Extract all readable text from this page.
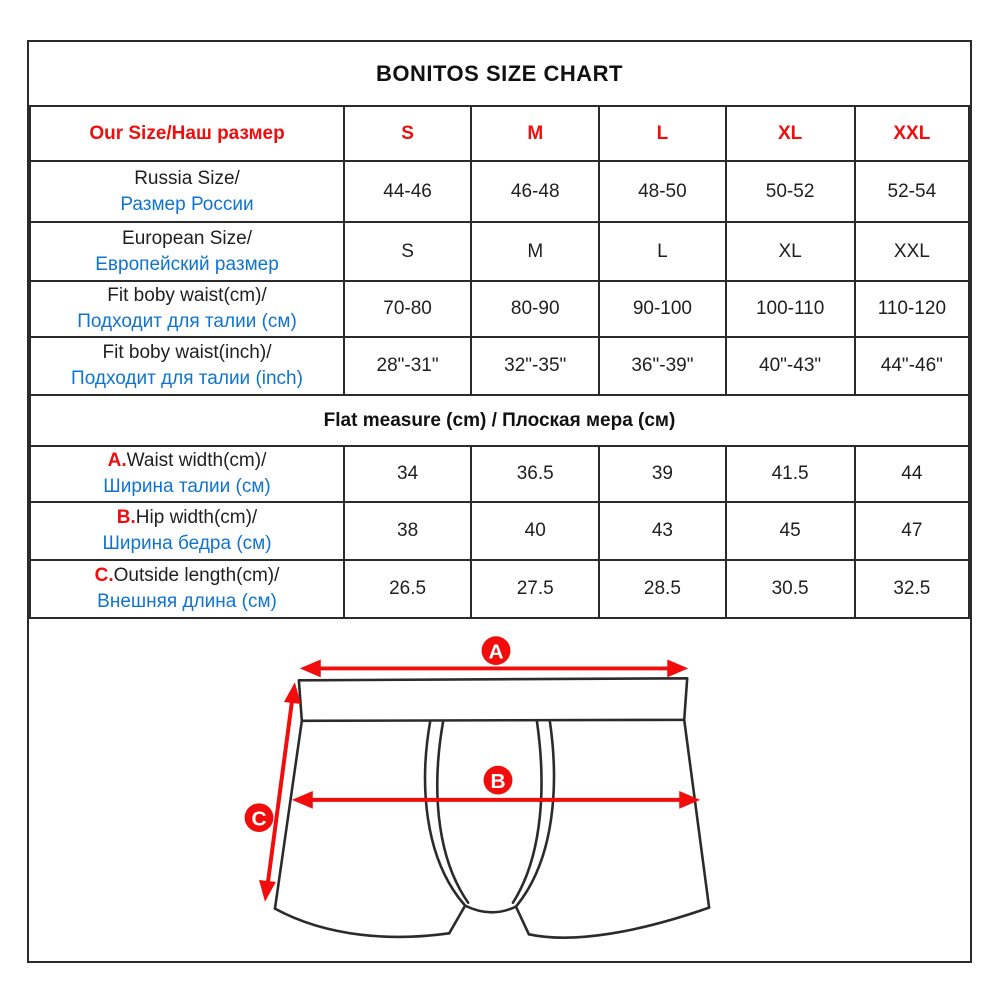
BONITOS SIZE CHART
Our Size/Наш размер	S	M	L	XL	XXL

Russia Size/
Размер России	44-46	46-48	48-50	50-52	52-54

European Size/
Европейский размер	S	M	L	XL	XXL

Fit boby waist(cm)/
Подходит для талии (см)	70-80	80-90	90-100	100-110	110-120

Fit boby waist(inch)/
Подходит для талии (inch)	28"-31"	32"-35"	36"-39"	40"-43"	44"-46"
Flat measure (cm) / Плоская мера (см)					

A.Waist width(cm)/
Ширина талии (см)	34	36.5	39	41.5	44

B.Hip width(cm)/
Ширина бедра (см)	38	40	43	45	47

C.Outside length(cm)/
Внешняя длина (см)	26.5	27.5	28.5	30.5	32.5
A
B
C
